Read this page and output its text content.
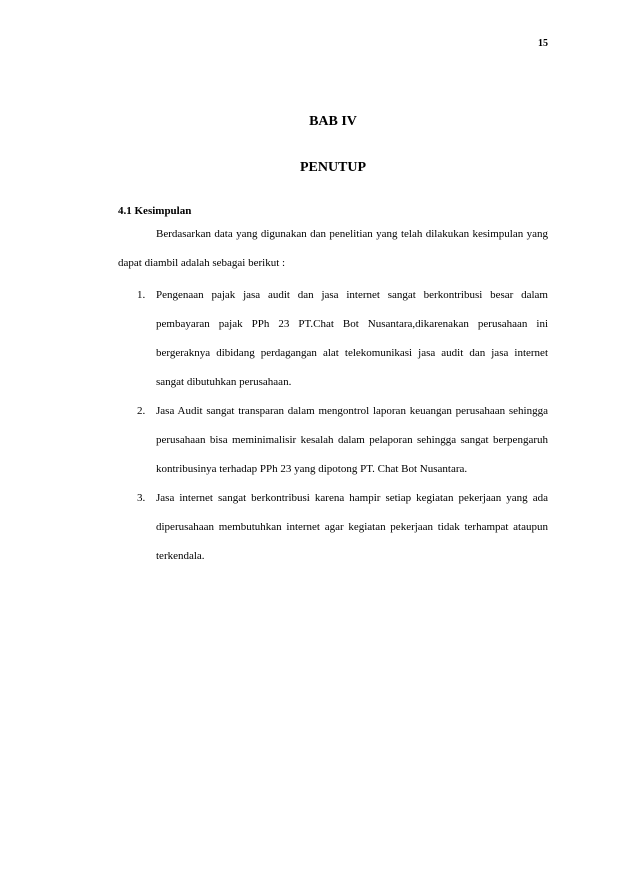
15
BAB IV
PENUTUP
4.1 Kesimpulan

Berdasarkan data yang digunakan dan penelitian yang telah dilakukan kesimpulan yang dapat diambil adalah sebagai berikut :

1. Pengenaan pajak jasa audit dan jasa internet sangat berkontribusi besar dalam pembayaran pajak PPh 23 PT.Chat Bot Nusantara,dikarenakan perusahaan ini bergeraknya dibidang perdagangan alat telekomunikasi jasa audit dan jasa internet sangat dibutuhkan perusahaan.
2. Jasa Audit sangat transparan dalam mengontrol laporan keuangan perusahaan sehingga perusahaan bisa meminimalisir kesalah dalam pelaporan sehingga sangat berpengaruh kontribusinya terhadap PPh 23 yang dipotong PT. Chat Bot Nusantara.
3. Jasa internet sangat berkontribusi karena hampir setiap kegiatan pekerjaan yang ada diperusahaan membutuhkan internet agar kegiatan pekerjaan tidak terhampat ataupun terkendala.
